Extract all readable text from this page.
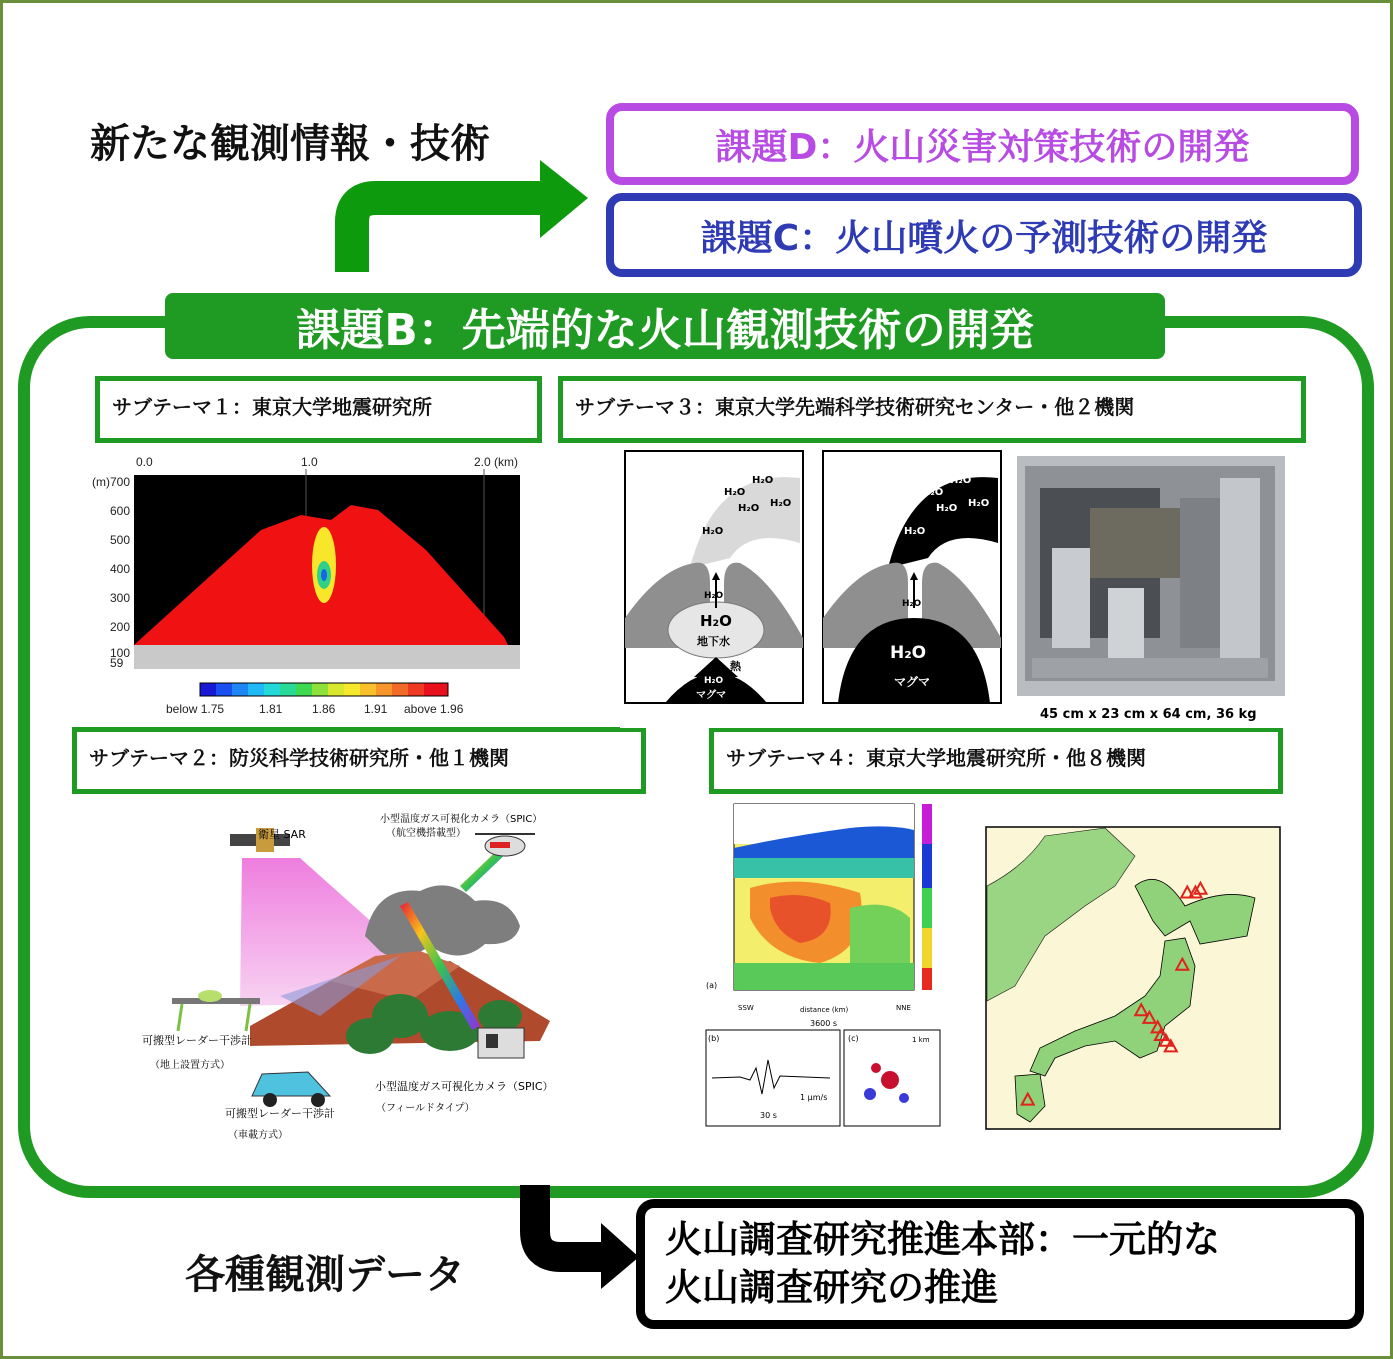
新たな観測情報・技術	課題D：火山災害対策技術の開発
課題C：火山噴火の予測技術の開発
課題B：先端的な火山観測技術の開発
サブテーマ１：東京大学地震研究所	サブテーマ３：東京大学先端科学技術研究センター・他２機関
サブテーマ２：防災科学技術研究所・他１機関	サブテーマ４：東京大学地震研究所・他８機関
0.0	1.0	2.0 (km)
(m) 700
600
500
400
300
200
100
59
below 1.75	1.81 1.86 1.91 above 1.96
H₂O
H₂O
H₂O H₂O
H₂O
H₂O
H₂O
地下水
熱
H₂O
マグマ
H₂O
H₂O
H₂O H₂O
H₂O
H₂O
H₂O
マグマ
45 cm x 23 cm x 64 cm, 36 kg
衛星 SAR
小型温度ガス可視化カメラ（SPIC）
（航空機搭載型）
可搬型レーダー干渉計
（地上設置方式）
可搬型レーダー干渉計
（車載方式）
小型温度ガス可視化カメラ（SPIC）
（フィールドタイプ）
(a)
SSW	NNE
distance (km)
3600 s
(b)
30 s
1 μm/s
(c)	1 km
各種観測データ
火山調査研究推進本部：一元的な
火山調査研究の推進
